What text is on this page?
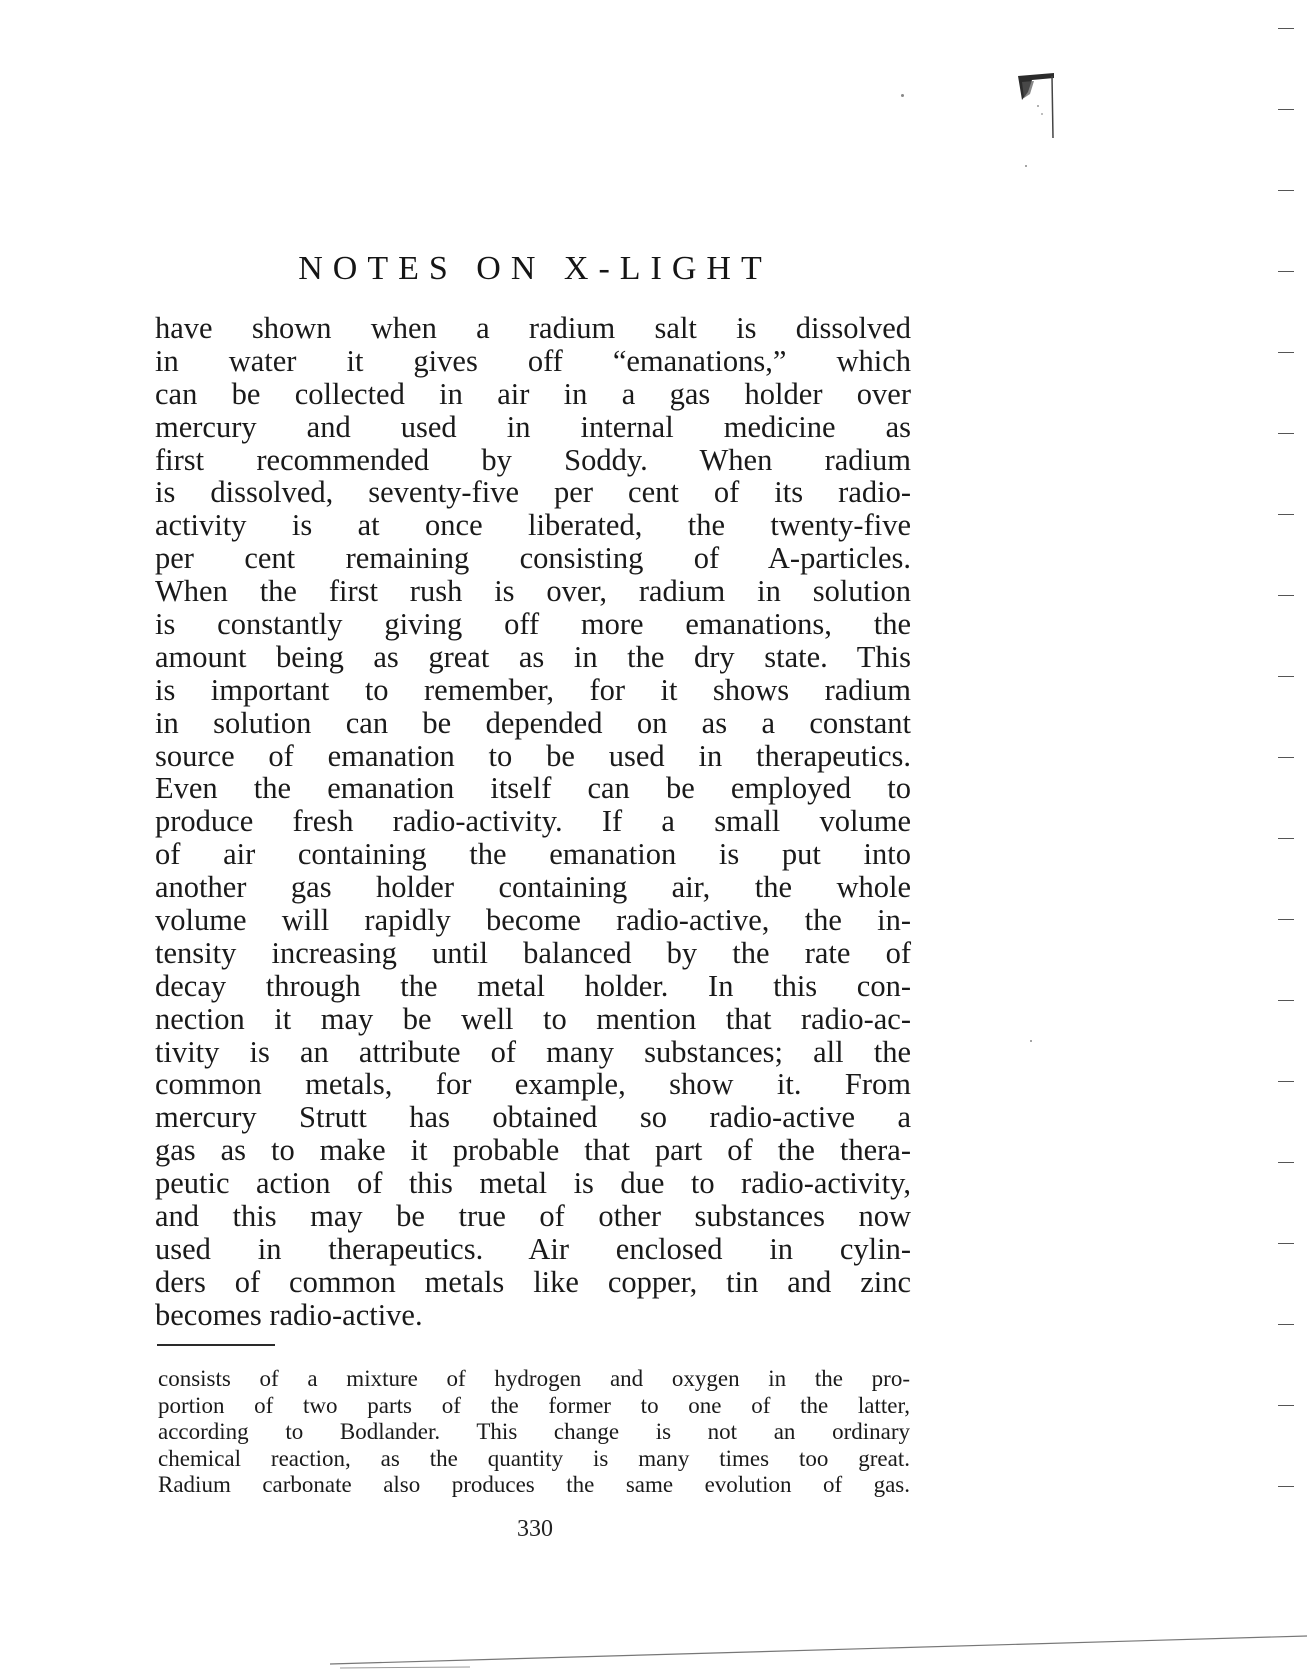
NOTES ON X-LIGHT
have shown when a radium salt is dissolved
in water it gives off “emanations,” which
can be collected in air in a gas holder over
mercury and used in internal medicine as
first recommended by Soddy. When radium
is dissolved, seventy-five per cent of its radio-
activity is at once liberated, the twenty-five
per cent remaining consisting of A-particles.
When the first rush is over, radium in solution
is constantly giving off more emanations, the
amount being as great as in the dry state. This
is important to remember, for it shows radium
in solution can be depended on as a constant
source of emanation to be used in therapeutics.
Even the emanation itself can be employed to
produce fresh radio-activity. If a small volume
of air containing the emanation is put into
another gas holder containing air, the whole
volume will rapidly become radio-active, the in-
tensity increasing until balanced by the rate of
decay through the metal holder. In this con-
nection it may be well to mention that radio-ac-
tivity is an attribute of many substances; all the
common metals, for example, show it. From
mercury Strutt has obtained so radio-active a
gas as to make it probable that part of the thera-
peutic action of this metal is due to radio-activity,
and this may be true of other substances now
used in therapeutics. Air enclosed in cylin-
ders of common metals like copper, tin and zinc
becomes radio-active.
consists of a mixture of hydrogen and oxygen in the pro-
portion of two parts of the former to one of the latter,
according to Bodlander. This change is not an ordinary
chemical reaction, as the quantity is many times too great.
Radium carbonate also produces the same evolution of gas.
330
